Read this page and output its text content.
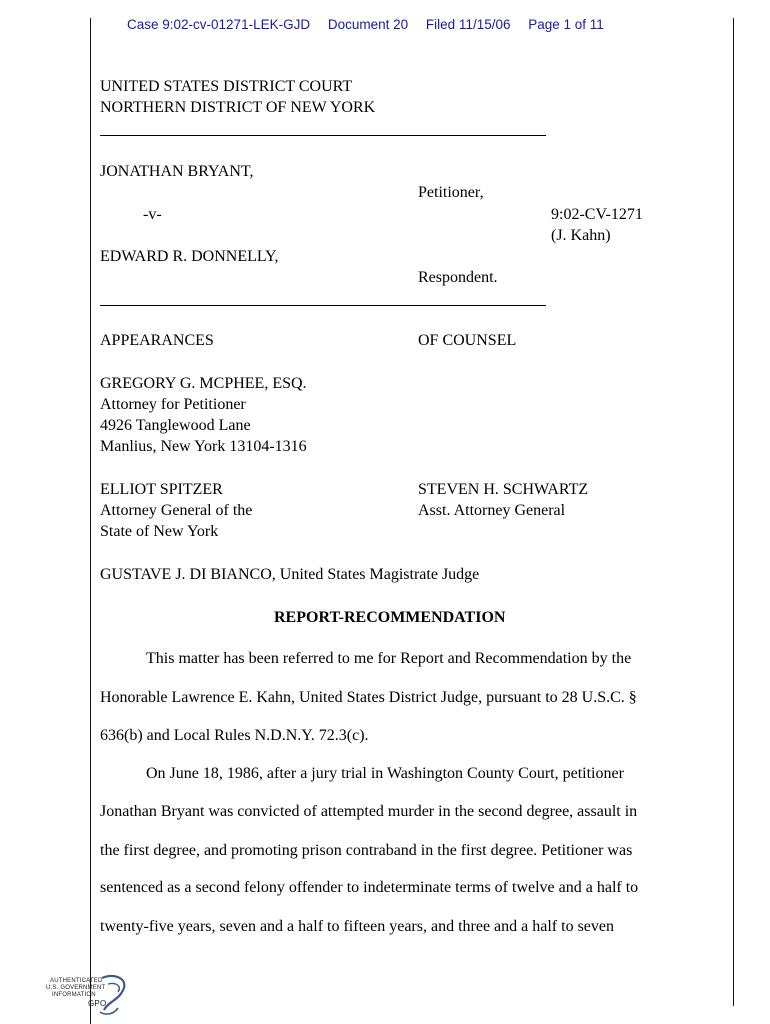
Case 9:02-cv-01271-LEK-GJD Document 20 Filed 11/15/06 Page 1 of 11
UNITED STATES DISTRICT COURT
NORTHERN DISTRICT OF NEW YORK
JONATHAN BRYANT,
Petitioner,
-v-	9:02-CV-1271
(J. Kahn)
EDWARD R. DONNELLY,
Respondent.
APPEARANCES	OF COUNSEL
GREGORY G. MCPHEE, ESQ.
Attorney for Petitioner
4926 Tanglewood Lane
Manlius, New York 13104-1316
ELLIOT SPITZER
Attorney General of the
State of New York
STEVEN H. SCHWARTZ
Asst. Attorney General
GUSTAVE J. DI BIANCO, United States Magistrate Judge
REPORT-RECOMMENDATION
This matter has been referred to me for Report and Recommendation by the
Honorable Lawrence E. Kahn, United States District Judge, pursuant to 28 U.S.C. §
636(b) and Local Rules N.D.N.Y. 72.3(c).
On June 18, 1986, after a jury trial in Washington County Court, petitioner
Jonathan Bryant was convicted of attempted murder in the second degree, assault in
the first degree, and promoting prison contraband in the first degree. Petitioner was
sentenced as a second felony offender to indeterminate terms of twelve and a half to
twenty-five years, seven and a half to fifteen years, and three and a half to seven
AUTHENTICATED
U.S. GOVERNMENT
INFORMATION
GPO
